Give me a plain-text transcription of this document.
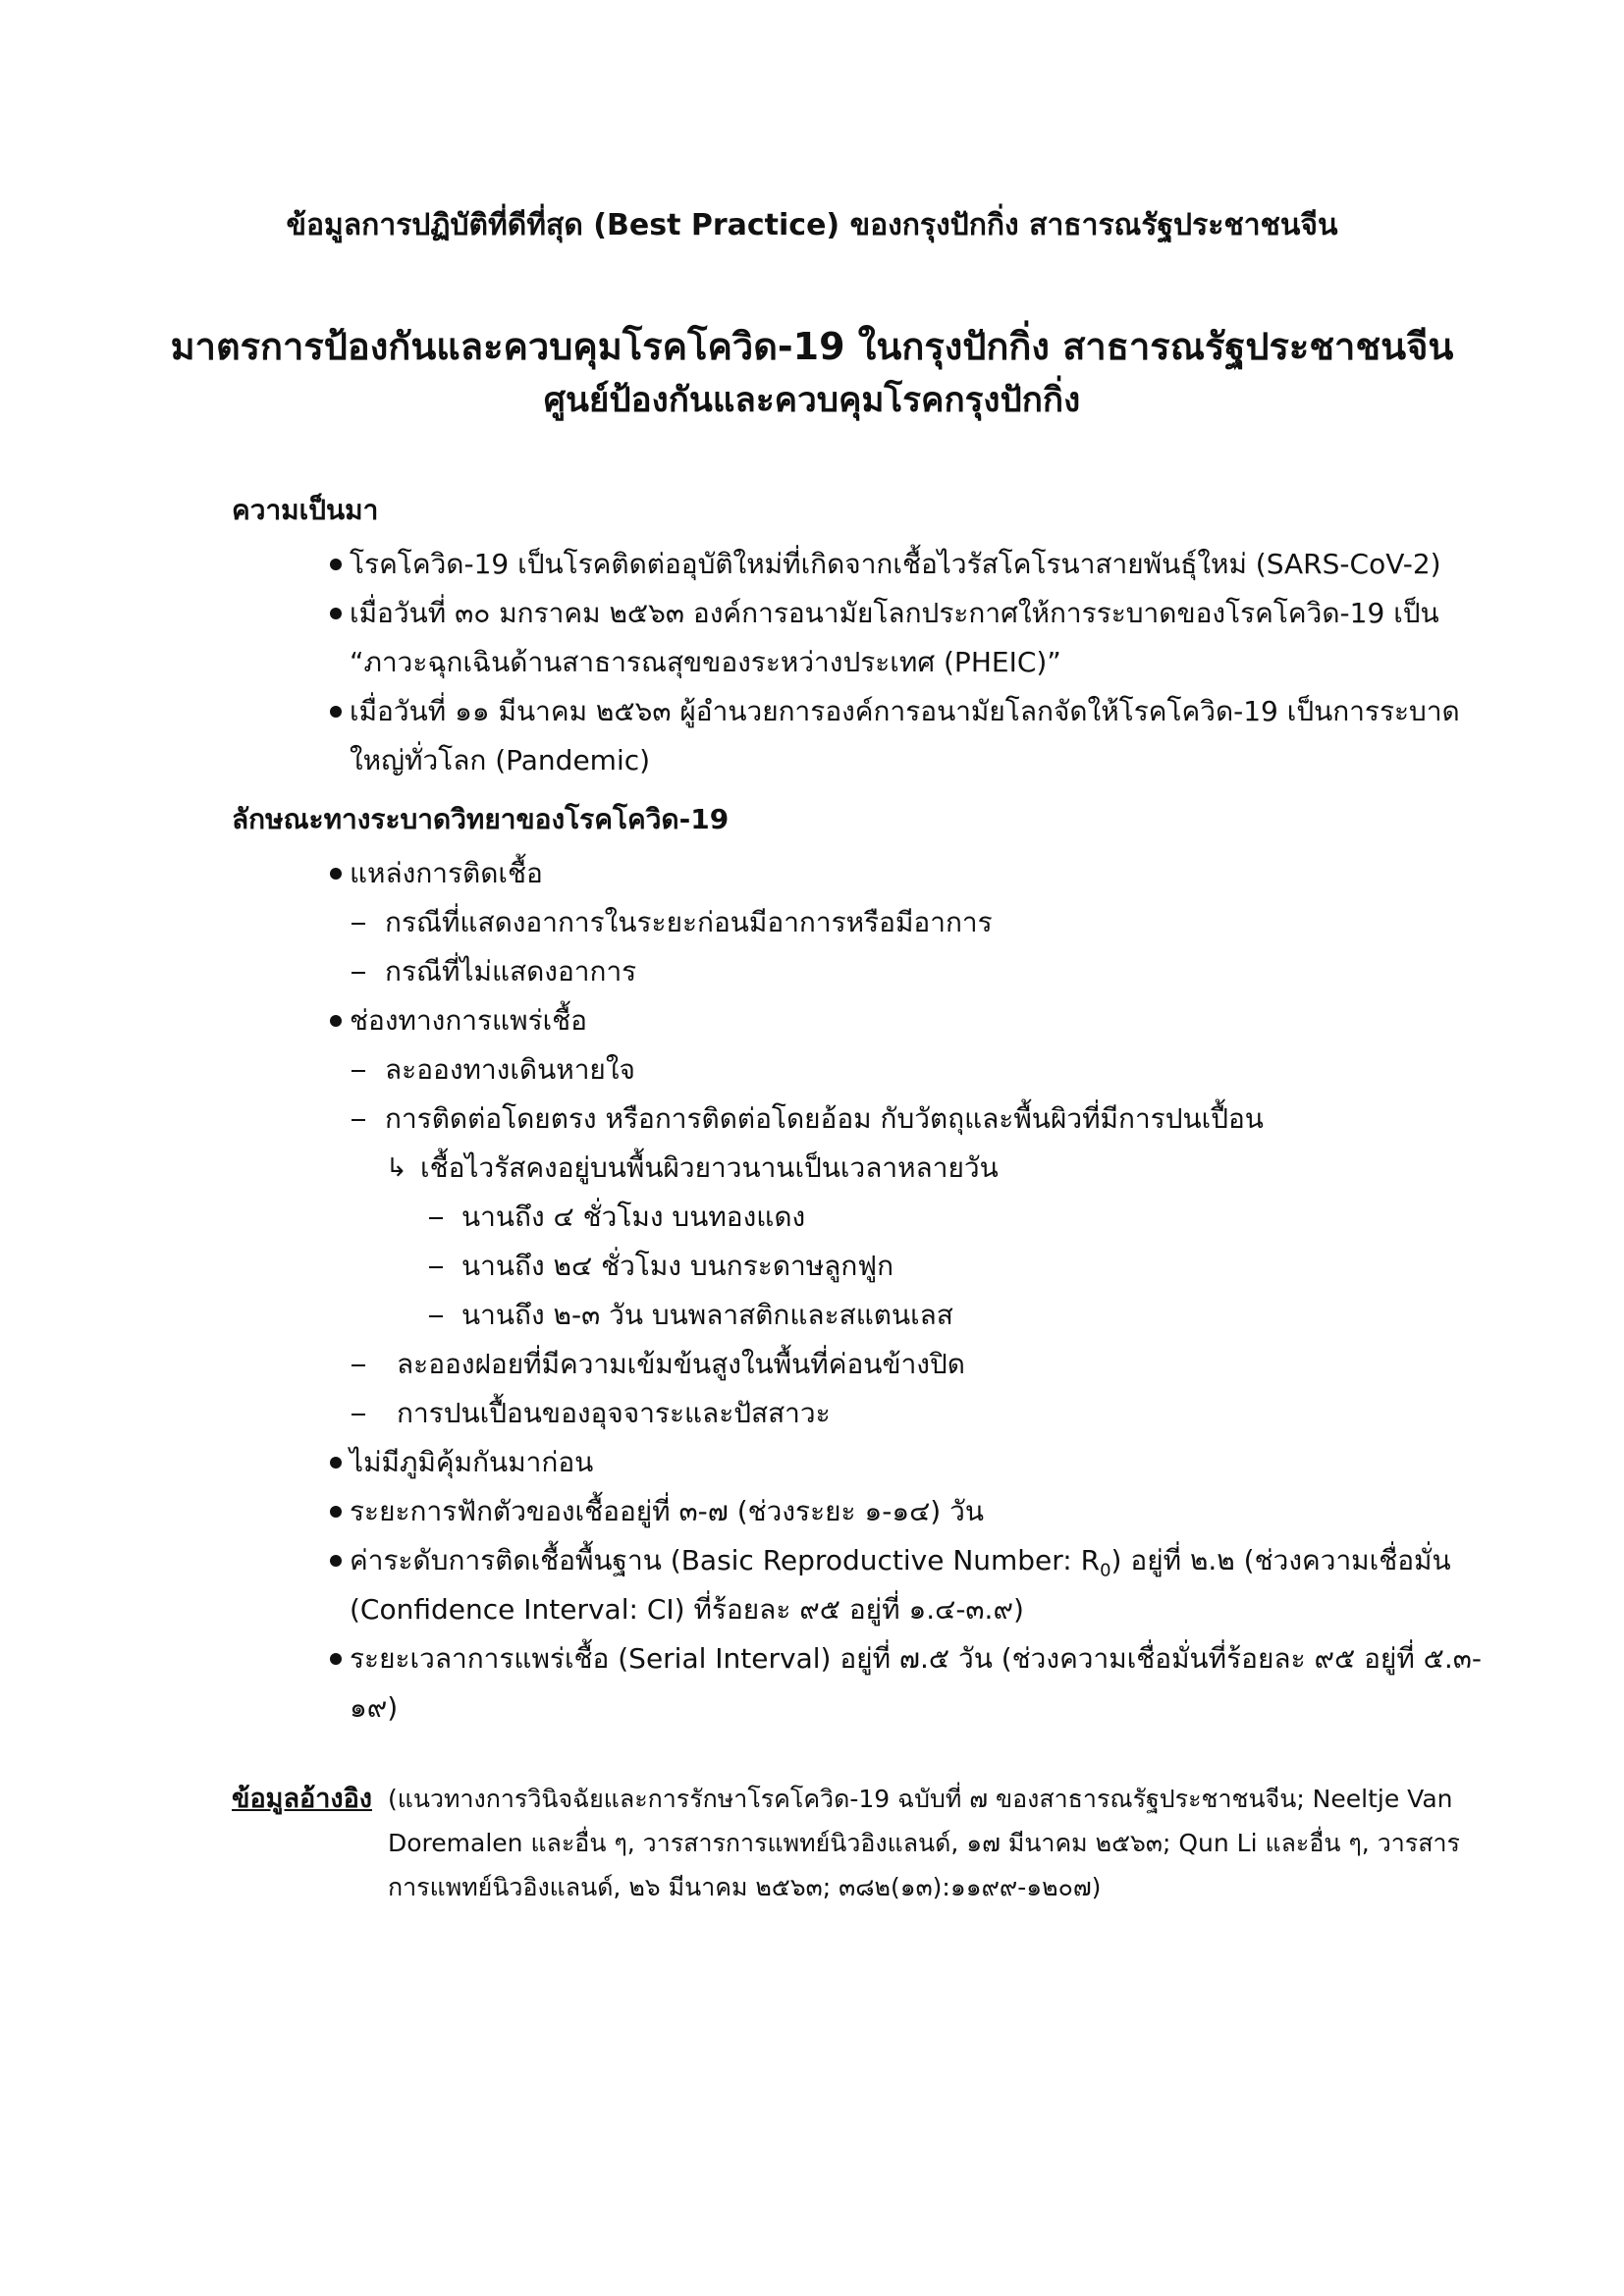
ข้อมูลการปฏิบัติที่ดีที่สุด (Best Practice) ของกรุงปักกิ่ง สาธารณรัฐประชาชนจีน
มาตรการป้องกันและควบคุมโรคโควิด-19 ในกรุงปักกิ่ง สาธารณรัฐประชาชนจีน
ศูนย์ป้องกันและควบคุมโรคกรุงปักกิ่ง
ความเป็นมา
โรคโควิด-19 เป็นโรคติดต่ออุบัติใหม่ที่เกิดจากเชื้อไวรัสโคโรนาสายพันธุ์ใหม่ (SARS-CoV-2)
เมื่อวันที่ ๓๐ มกราคม ๒๕๖๓ องค์การอนามัยโลกประกาศให้การระบาดของโรคโควิด-19 เป็น
“ภาวะฉุกเฉินด้านสาธารณสุขของระหว่างประเทศ (PHEIC)”
เมื่อวันที่ ๑๑ มีนาคม ๒๕๖๓ ผู้อำนวยการองค์การอนามัยโลกจัดให้โรคโควิด-19 เป็นการระบาด
ใหญ่ทั่วโลก (Pandemic)
ลักษณะทางระบาดวิทยาของโรคโควิด-19
แหล่งการติดเชื้อ
กรณีที่แสดงอาการในระยะก่อนมีอาการหรือมีอาการ
กรณีที่ไม่แสดงอาการ
ช่องทางการแพร่เชื้อ
ละอองทางเดินหายใจ
การติดต่อโดยตรง หรือการติดต่อโดยอ้อม กับวัตถุและพื้นผิวที่มีการปนเปื้อน
↳ เชื้อไวรัสคงอยู่บนพื้นผิวยาวนานเป็นเวลาหลายวัน
นานถึง ๔ ชั่วโมง บนทองแดง
นานถึง ๒๔ ชั่วโมง บนกระดาษลูกฟูก
นานถึง ๒-๓ วัน บนพลาสติกและสแตนเลส
ละอองฝอยที่มีความเข้มข้นสูงในพื้นที่ค่อนข้างปิด
การปนเปื้อนของอุจจาระและปัสสาวะ
ไม่มีภูมิคุ้มกันมาก่อน
ระยะการฟักตัวของเชื้ออยู่ที่ ๓-๗ (ช่วงระยะ ๑-๑๔) วัน
ค่าระดับการติดเชื้อพื้นฐาน (Basic Reproductive Number: $R_0$) อยู่ที่ ๒.๒ (ช่วงความเชื่อมั่น
(Confidence Interval: CI) ที่ร้อยละ ๙๕ อยู่ที่ ๑.๔-๓.๙)
ระยะเวลาการแพร่เชื้อ (Serial Interval) อยู่ที่ ๗.๕ วัน (ช่วงความเชื่อมั่นที่ร้อยละ ๙๕ อยู่ที่ ๕.๓-
๑๙)
ข้อมูลอ้างอิง (แนวทางการวินิจฉัยและการรักษาโรคโควิด-19 ฉบับที่ ๗ ของสาธารณรัฐประชาชนจีน; Neeltje Van
Doremalen และอื่น ๆ, วารสารการแพทย์นิวอิงแลนด์, ๑๗ มีนาคม ๒๕๖๓; Qun Li และอื่น ๆ, วารสาร
การแพทย์นิวอิงแลนด์, ๒๖ มีนาคม ๒๕๖๓; ๓๘๒(๑๓):๑๑๙๙-๑๒๐๗)
